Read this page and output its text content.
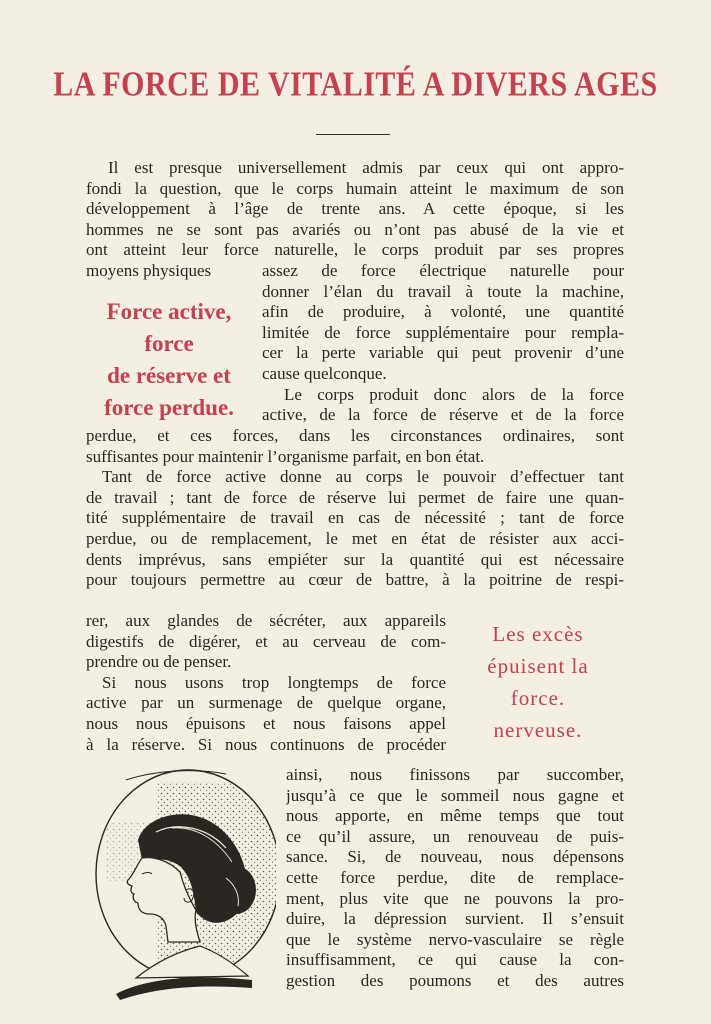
LA FORCE DE VITALITÉ A DIVERS AGES
Il est presque universellement admis par ceux qui ont appro-
fondi la question, que le corps humain atteint le maximum de son
développement à l’âge de trente ans. A cette époque, si les
hommes ne se sont pas avariés ou n’ont pas abusé de la vie et
ont atteint leur force naturelle, le corps produit par ses propres
moyens physiques
Force active,
force
de réserve et
force perdue.
assez de force électrique naturelle pour
donner l’élan du travail à toute la machine,
afin de produire, à volonté, une quantité
limitée de force supplémentaire pour rempla-
cer la perte variable qui peut provenir d’une
cause quelconque.
Le corps produit donc alors de la force
active, de la force de réserve et de la force
perdue, et ces forces, dans les circonstances ordinaires, sont
suffisantes pour maintenir l’organisme parfait, en bon état.
Tant de force active donne au corps le pouvoir d’effectuer tant
de travail ; tant de force de réserve lui permet de faire une quan-
tité supplémentaire de travail en cas de nécessité ; tant de force
perdue, ou de remplacement, le met en état de résister aux acci-
dents imprévus, sans empiéter sur la quantité qui est nécessaire
pour toujours permettre au cœur de battre, à la poitrine de respi-
rer, aux glandes de sécréter, aux appareils
digestifs de digérer, et au cerveau de com-
prendre ou de penser.
Si nous usons trop longtemps de force
active par un surmenage de quelque organe,
nous nous épuisons et nous faisons appel
à la réserve. Si nous continuons de procéder
Les excès
épuisent la
force.
nerveuse.
ainsi, nous finissons par succomber,
jusqu’à ce que le sommeil nous gagne et
nous apporte, en même temps que tout
ce qu’il assure, un renouveau de puis-
sance. Si, de nouveau, nous dépensons
cette force perdue, dite de remplace-
ment, plus vite que ne pouvons la pro-
duire, la dépression survient. Il s’ensuit
que le système nervo-vasculaire se règle
insuffisamment, ce qui cause la con-
gestion des poumons et des autres
